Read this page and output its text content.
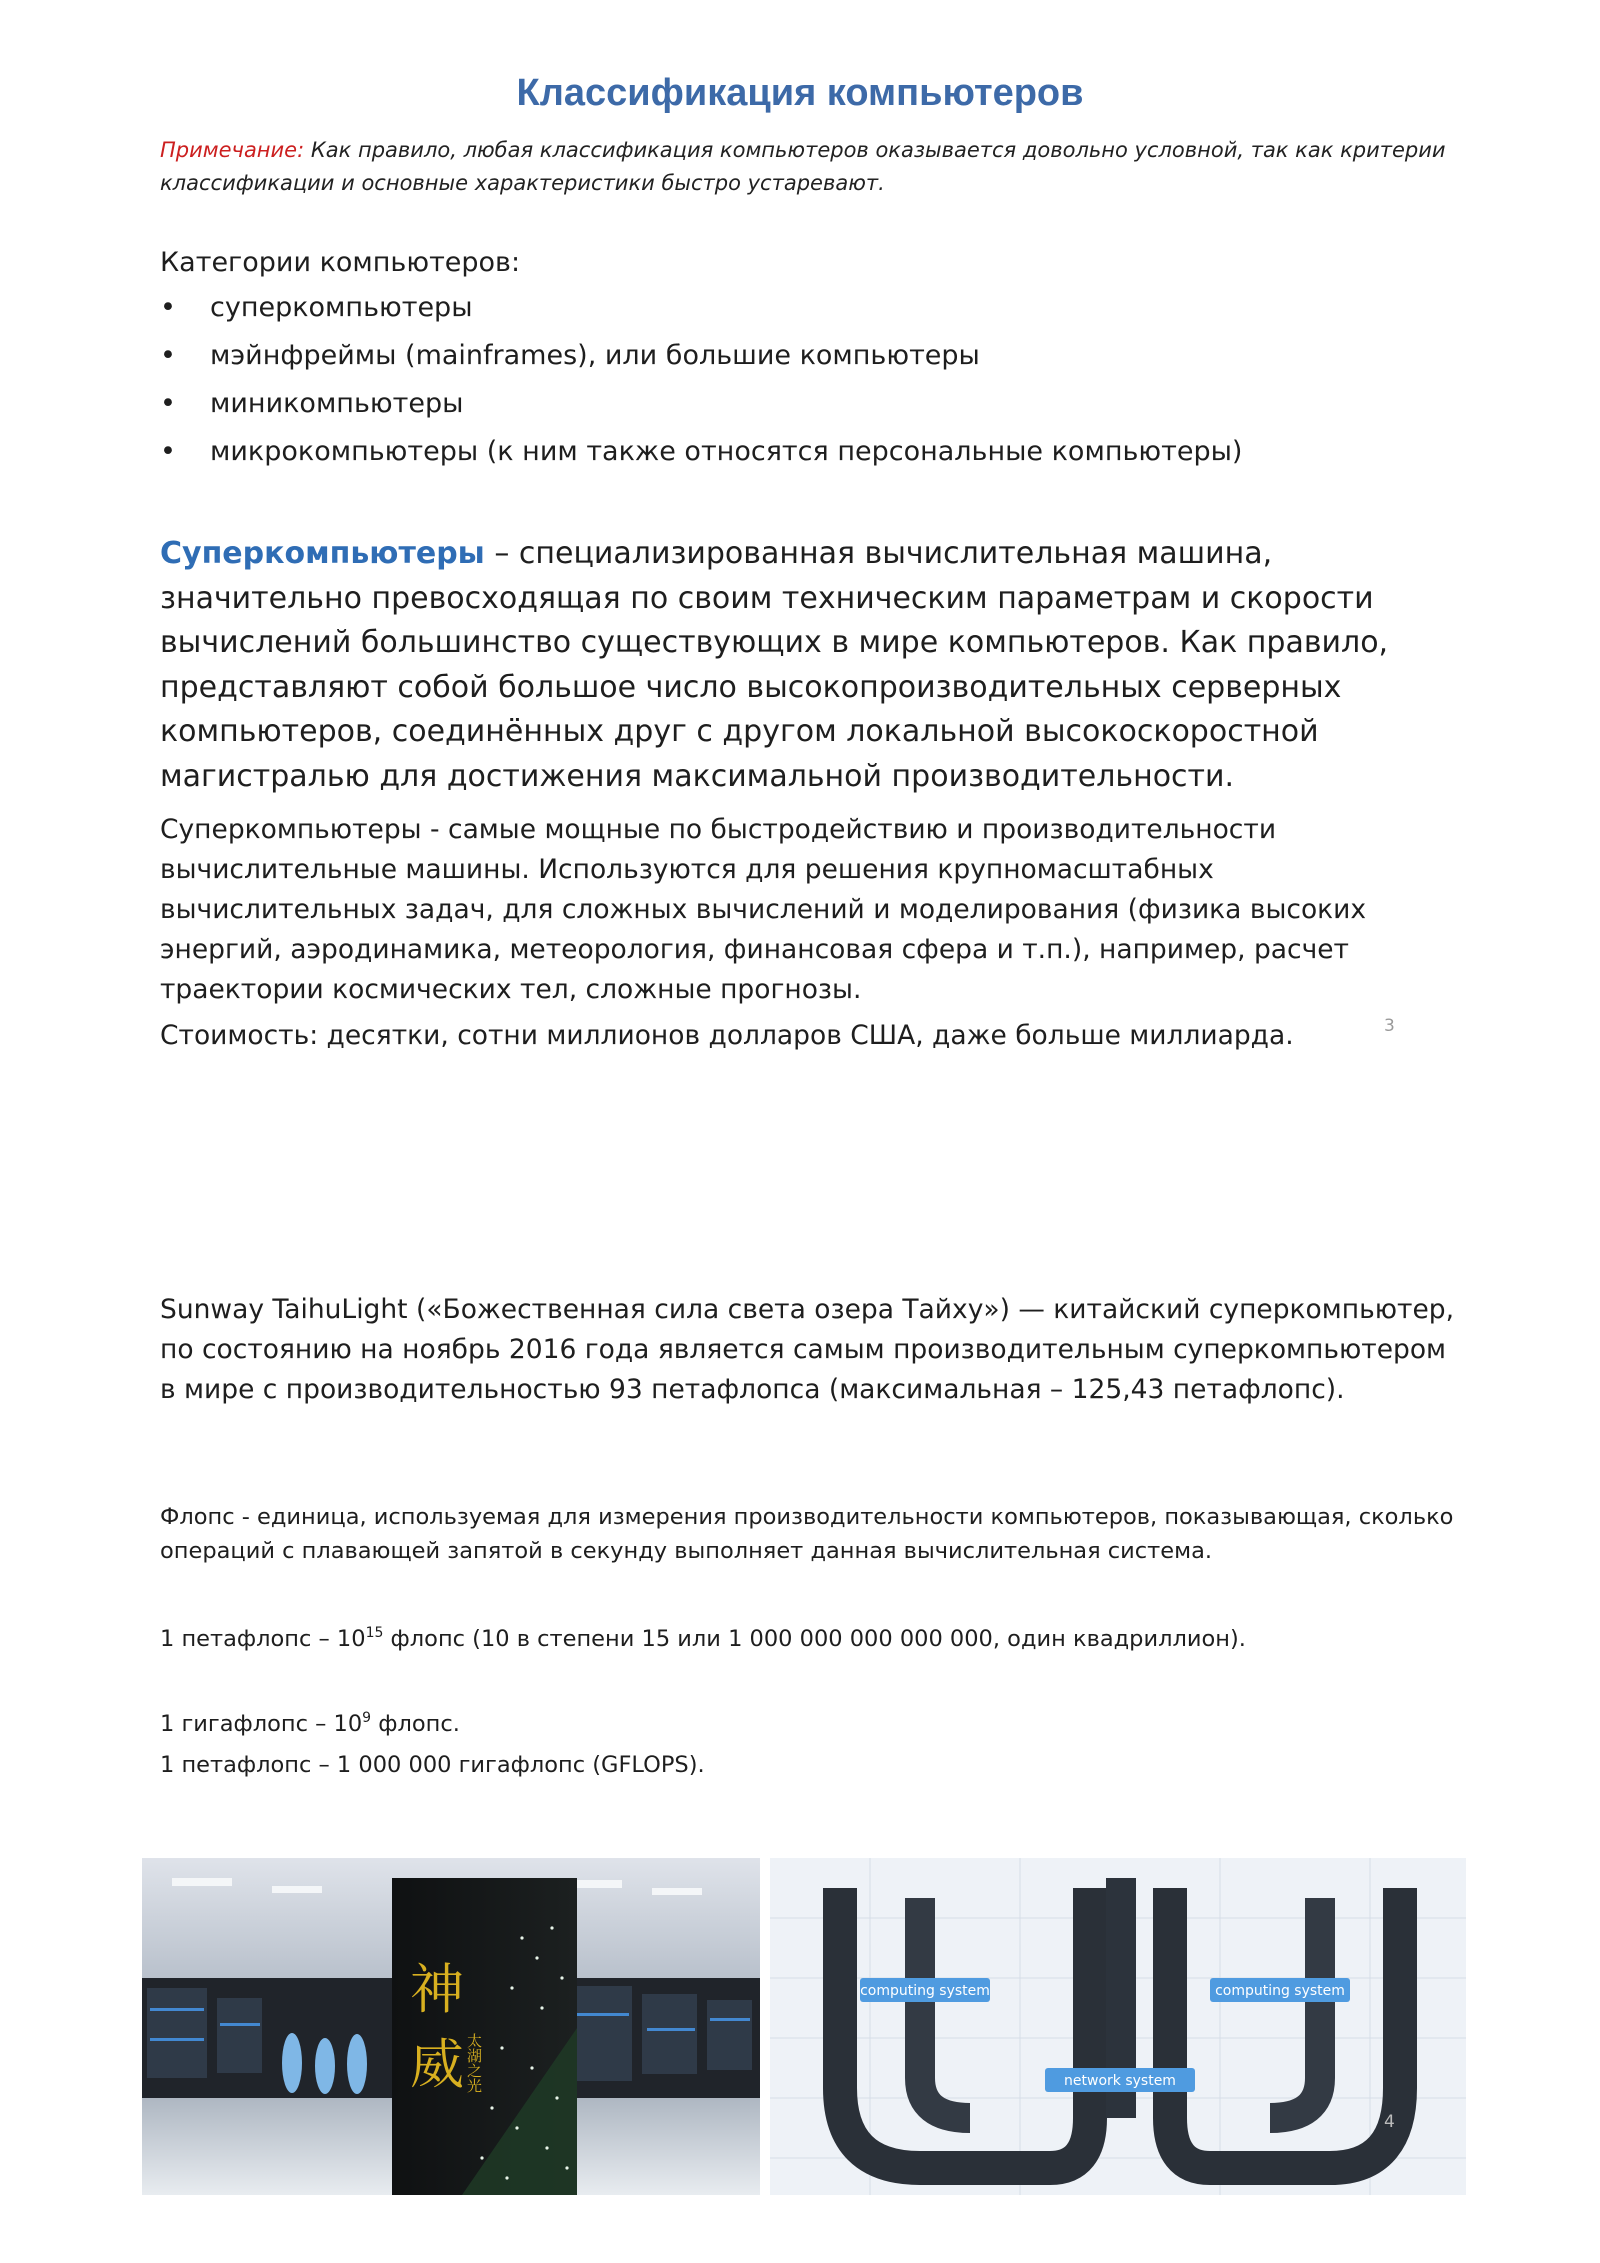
Классификация компьютеров
Примечание: Как правило, любая классификация компьютеров оказывается довольно условной, так как критерии классификации и основные характеристики быстро устаревают.
Категории компьютеров:
• суперкомпьютеры
• мэйнфреймы (mainframes), или большие компьютеры
• миникомпьютеры
• микрокомпьютеры (к ним также относятся персональные компьютеры)
Суперкомпьютеры – специализированная вычислительная машина, значительно превосходящая по своим техническим параметрам и скорости вычислений большинство существующих в мире компьютеров. Как правило, представляют собой большое число высокопроизводительных серверных компьютеров, соединённых друг с другом локальной высокоскоростной магистралью для достижения максимальной производительности.
Суперкомпьютеры - самые мощные по быстродействию и производительности вычислительные машины. Используются для решения крупномасштабных вычислительных задач, для сложных вычислений и моделирования (физика высоких энергий, аэродинамика, метеорология, финансовая сфера и т.п.), например, расчет траектории космических тел, сложные прогнозы.
Стоимость: десятки, сотни миллионов долларов США, даже больше миллиарда.	3
Sunway TaihuLight («Божественная сила света озера Тайху») — китайский суперкомпьютер, по состоянию на ноябрь 2016 года является самым производительным суперкомпьютером в мире с производительностью 93 петафлопса (максимальная – 125,43 петафлопс).
Флопс - единица, используемая для измерения производительности компьютеров, показывающая, сколько операций с плавающей запятой в секунду выполняет данная вычислительная система.
1 петафлопс – $10^{15}$ флопс (10 в степени 15 или 1 000 000 000 000 000, один квадриллион).
1 гигафлопс – $10^9$ флопс.
1 петафлопс – 1 000 000 гигафлопс (GFLOPS).
神
威 太湖之光
computing system	computing system
network system
4
